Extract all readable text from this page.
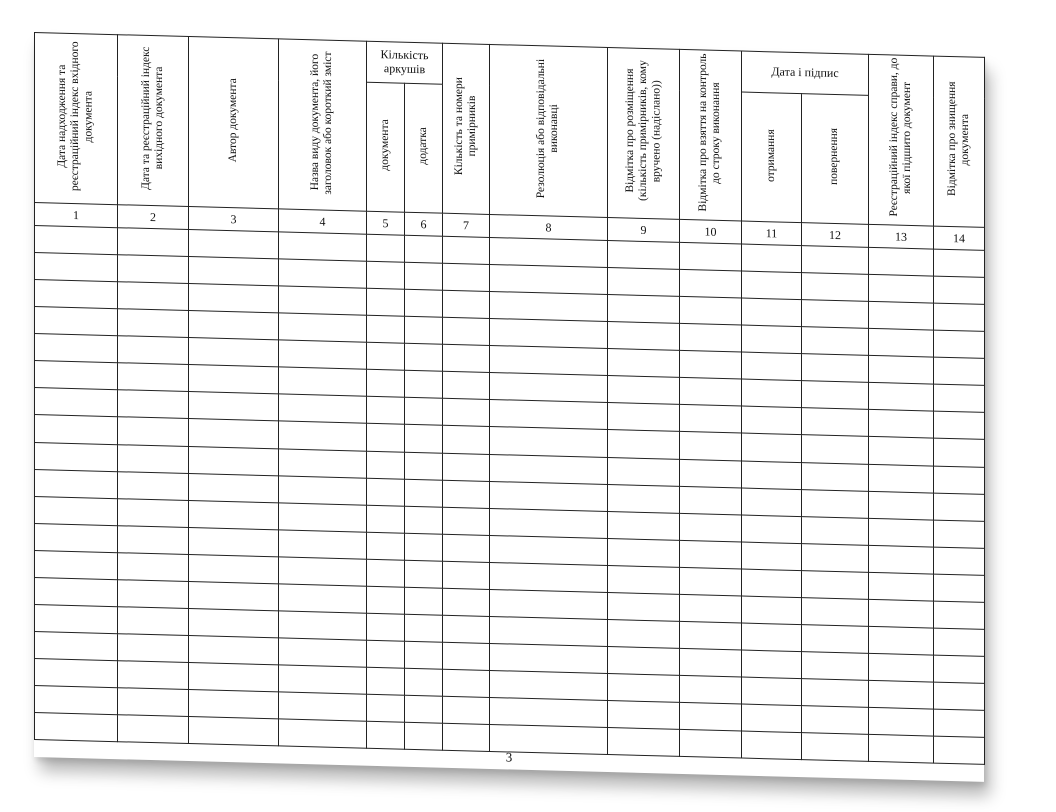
Дата надходження та реєстраційний індекс вхідного документа	Дата та реєстраційний індекс вихідного документа	Автор документа	Назва виду документа, його заголовок або короткий зміст	Кількість аркушів		Кількість та номери примірників	Резолюція або відповідальні виконавці	Відмітка про розміщення (кількість примірників, кому вручено (надіслано))	Відмітка про взяття на контроль до строку виконання	Дата і підпис		Реєстраційний індекс справи, до якої підшито документ	Відмітка про знищення документа
				документа	додатка					отримання	повернення		
1	2	3	4	5	6	7	8	9	10	11	12	13	14

3
